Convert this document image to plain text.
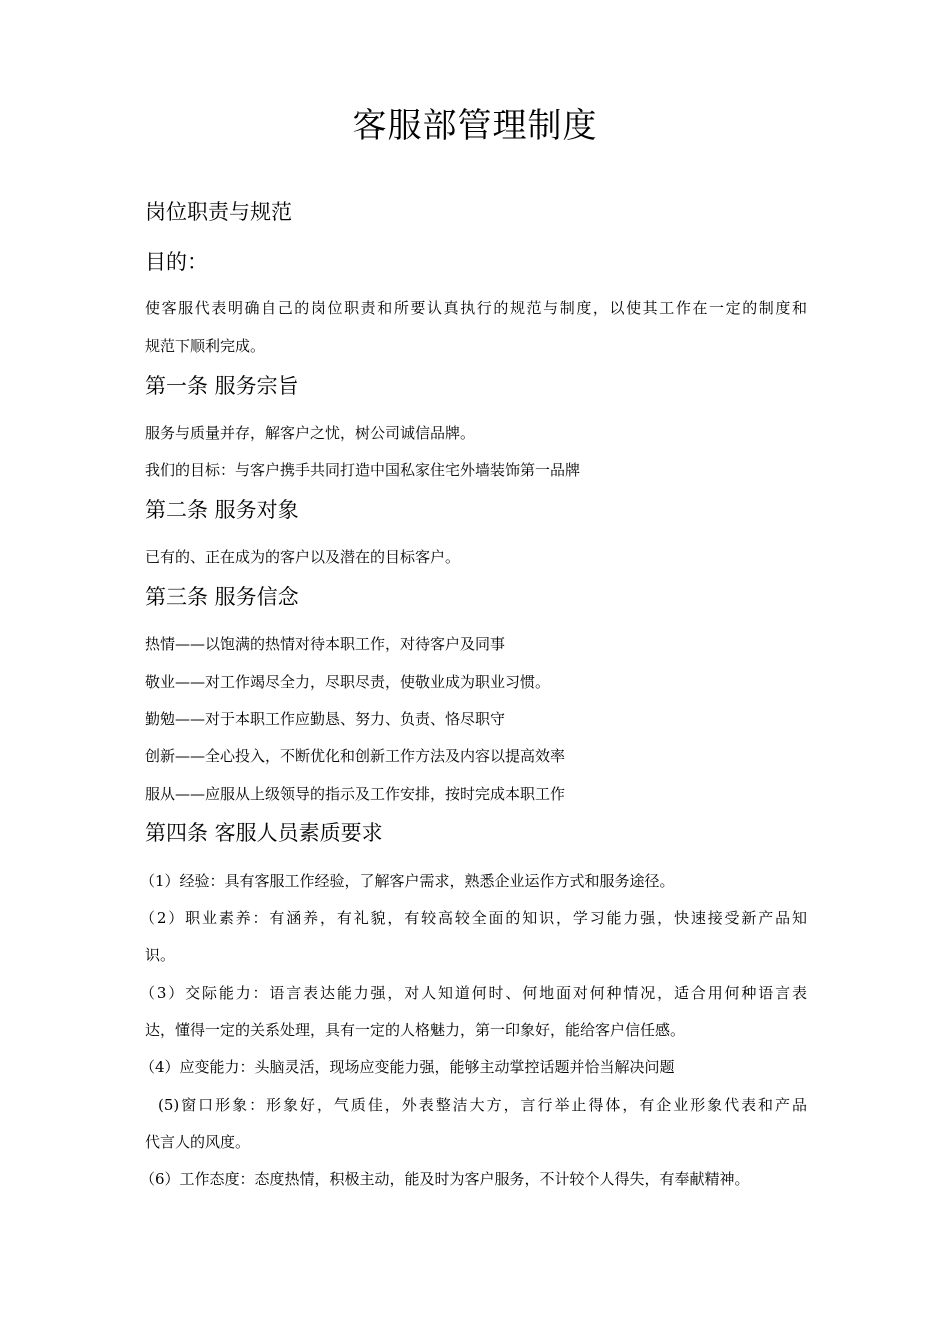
客服部管理制度
岗位职责与规范
目的：
使客服代表明确自己的岗位职责和所要认真执行的规范与制度，以使其工作在一定的制度和
规范下顺利完成。
第一条 服务宗旨
服务与质量并存，解客户之忧，树公司诚信品牌。
我们的目标：与客户携手共同打造中国私家住宅外墙装饰第一品牌
第二条 服务对象
已有的、正在成为的客户以及潜在的目标客户。
第三条 服务信念
热情——以饱满的热情对待本职工作，对待客户及同事
敬业——对工作竭尽全力，尽职尽责，使敬业成为职业习惯。
勤勉——对于本职工作应勤恳、努力、负责、恪尽职守
创新——全心投入，不断优化和创新工作方法及内容以提高效率
服从——应服从上级领导的指示及工作安排，按时完成本职工作
第四条 客服人员素质要求
（1）经验：具有客服工作经验，了解客户需求，熟悉企业运作方式和服务途径。
（2）职业素养：有涵养，有礼貌，有较高较全面的知识，学习能力强，快速接受新产品知
识。
（3）交际能力：语言表达能力强，对人知道何时、何地面对何种情况，适合用何种语言表
达，懂得一定的关系处理，具有一定的人格魅力，第一印象好，能给客户信任感。
（4）应变能力：头脑灵活，现场应变能力强，能够主动掌控话题并恰当解决问题
(5)窗口形象：形象好，气质佳，外表整洁大方，言行举止得体，有企业形象代表和产品
代言人的风度。
（6）工作态度：态度热情，积极主动，能及时为客户服务，不计较个人得失，有奉献精神。
